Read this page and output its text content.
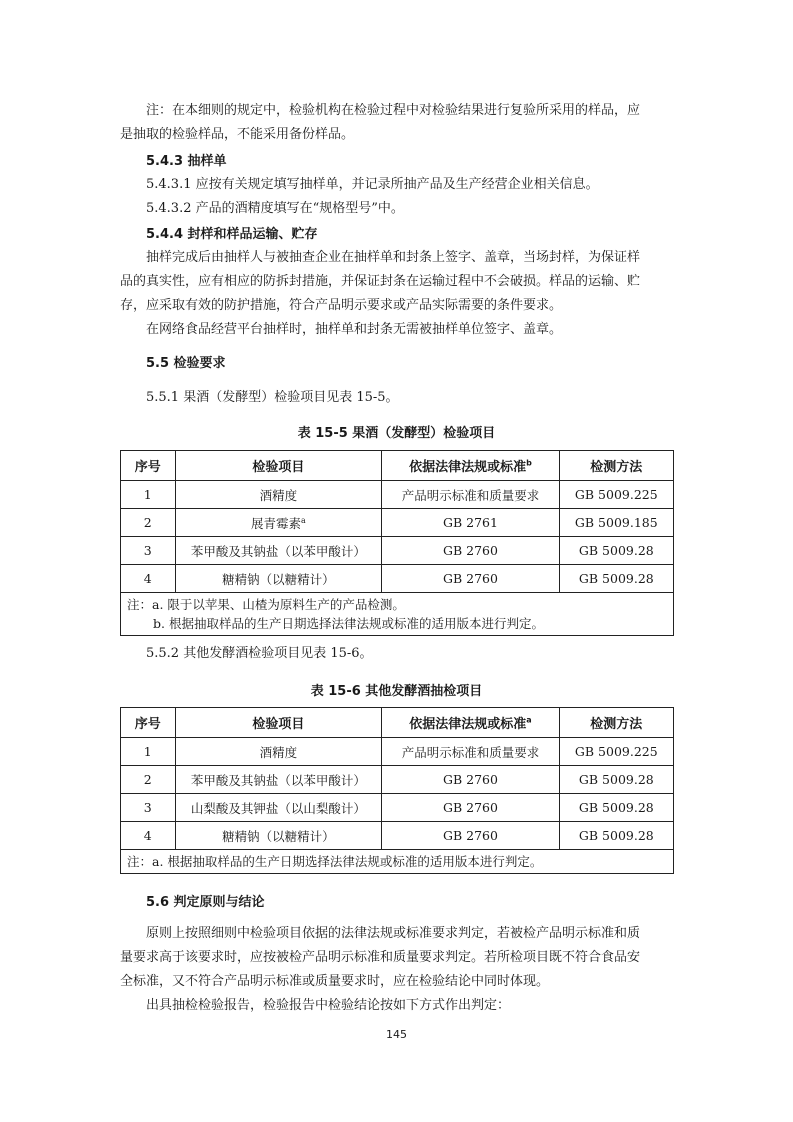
注：在本细则的规定中，检验机构在检验过程中对检验结果进行复验所采用的样品，应

是抽取的检验样品，不能采用备份样品。

5.4.3 抽样单

5.4.3.1 应按有关规定填写抽样单，并记录所抽产品及生产经营企业相关信息。

5.4.3.2 产品的酒精度填写在“规格型号”中。

5.4.4 封样和样品运输、贮存

抽样完成后由抽样人与被抽查企业在抽样单和封条上签字、盖章，当场封样，为保证样

品的真实性，应有相应的防拆封措施，并保证封条在运输过程中不会破损。样品的运输、贮

存，应采取有效的防护措施，符合产品明示要求或产品实际需要的条件要求。

在网络食品经营平台抽样时，抽样单和封条无需被抽样单位签字、盖章。

5.5 检验要求

5.5.1 果酒（发酵型）检验项目见表 15-5。

表 15-5 果酒（发酵型）检验项目

序号	检验项目	依据法律法规或标准$^b$	检测方法
1	酒精度	产品明示标准和质量要求	GB 5009.225
2	展青霉素$^a$	GB 2761	GB 5009.185
3	苯甲酸及其钠盐（以苯甲酸计）	GB 2760	GB 5009.28
4	糖精钠（以糖精计）	GB 2760	GB 5009.28

注：a. 限于以苹果、山楂为原料生产的产品检测。
b. 根据抽取样品的生产日期选择法律法规或标准的适用版本进行判定。			

5.5.2 其他发酵酒检验项目见表 15-6。

表 15-6 其他发酵酒抽检项目

序号	检验项目	依据法律法规或标准$^a$	检测方法
1	酒精度	产品明示标准和质量要求	GB 5009.225
2	苯甲酸及其钠盐（以苯甲酸计）	GB 2760	GB 5009.28
3	山梨酸及其钾盐（以山梨酸计）	GB 2760	GB 5009.28
4	糖精钠（以糖精计）	GB 2760	GB 5009.28
注：a. 根据抽取样品的生产日期选择法律法规或标准的适用版本进行判定。			

5.6 判定原则与结论

原则上按照细则中检验项目依据的法律法规或标准要求判定，若被检产品明示标准和质

量要求高于该要求时，应按被检产品明示标准和质量要求判定。若所检项目既不符合食品安

全标准，又不符合产品明示标准或质量要求时，应在检验结论中同时体现。

出具抽检检验报告，检验报告中检验结论按如下方式作出判定：

145
